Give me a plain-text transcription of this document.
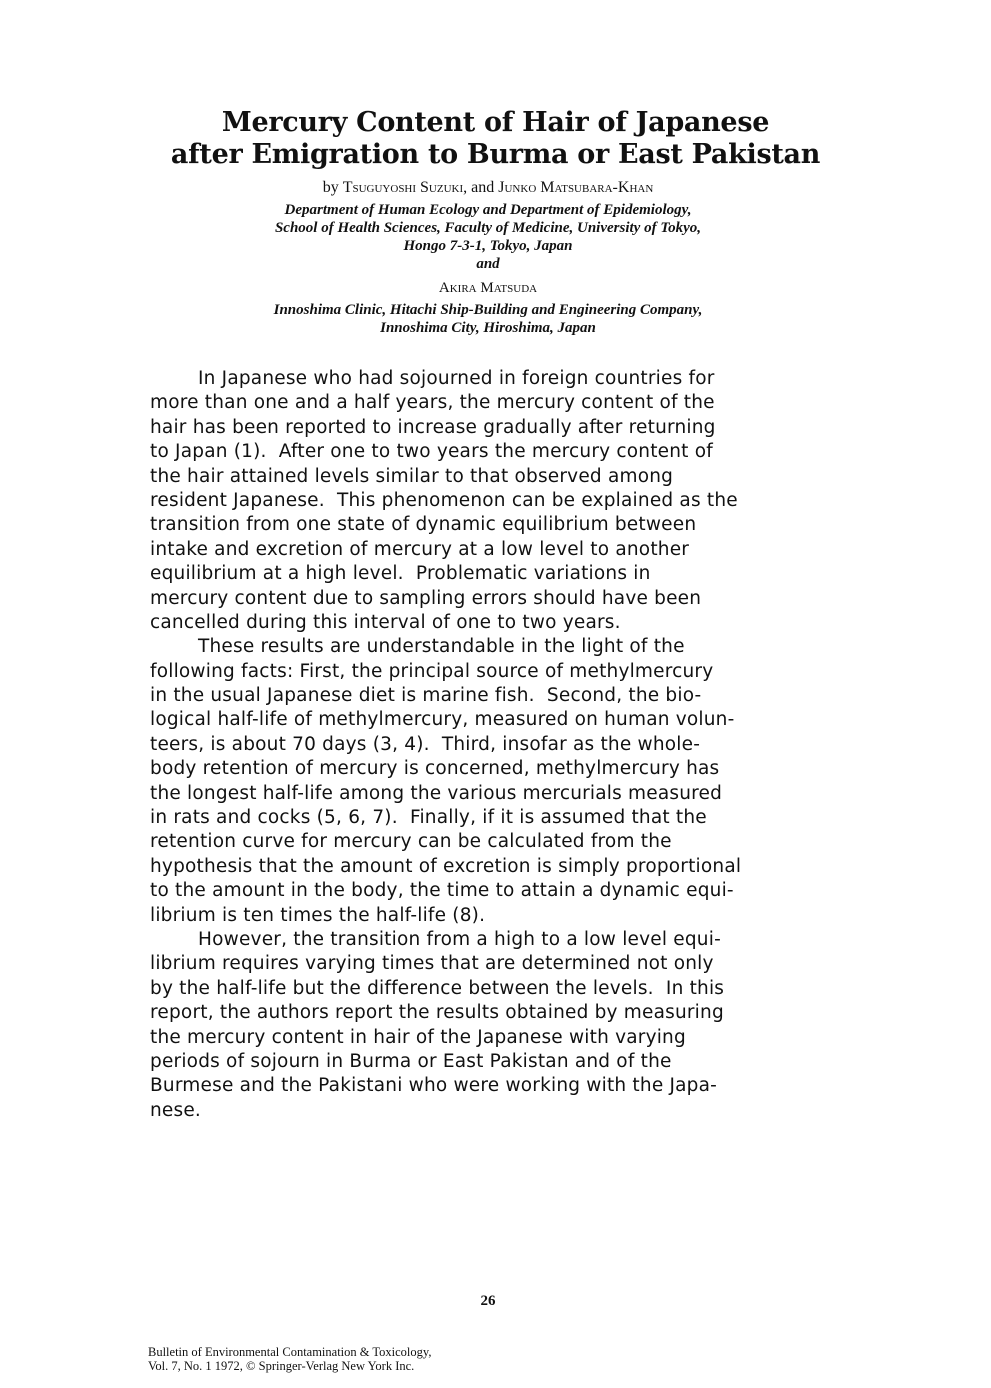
Mercury Content of Hair of Japanese
after Emigration to Burma or East Pakistan
by Tsuguyoshi Suzuki, and Junko Matsubara-Khan
Department of Human Ecology and Department of Epidemiology,
School of Health Sciences, Faculty of Medicine, University of Tokyo,
Hongo 7-3-1, Tokyo, Japan
and
Akira Matsuda
Innoshima Clinic, Hitachi Ship-Building and Engineering Company,
Innoshima City, Hiroshima, Japan
In Japanese who had sojourned in foreign countries for
more than one and a half years, the mercury content of the
hair has been reported to increase gradually after returning
to Japan (1).  After one to two years the mercury content of
the hair attained levels similar to that observed among
resident Japanese.  This phenomenon can be explained as the
transition from one state of dynamic equilibrium between
intake and excretion of mercury at a low level to another
equilibrium at a high level.  Problematic variations in
mercury content due to sampling errors should have been
cancelled during this interval of one to two years.
These results are understandable in the light of the
following facts: First, the principal source of methylmercury
in the usual Japanese diet is marine fish.  Second, the bio-
logical half-life of methylmercury, measured on human volun-
teers, is about 70 days (3, 4).  Third, insofar as the whole-
body retention of mercury is concerned, methylmercury has
the longest half-life among the various mercurials measured
in rats and cocks (5, 6, 7).  Finally, if it is assumed that the
retention curve for mercury can be calculated from the
hypothesis that the amount of excretion is simply proportional
to the amount in the body, the time to attain a dynamic equi-
librium is ten times the half-life (8).
However, the transition from a high to a low level equi-
librium requires varying times that are determined not only
by the half-life but the difference between the levels.  In this
report, the authors report the results obtained by measuring
the mercury content in hair of the Japanese with varying
periods of sojourn in Burma or East Pakistan and of the
Burmese and the Pakistani who were working with the Japa-
nese.
26
Bulletin of Environmental Contamination & Toxicology,
Vol. 7, No. 1 1972, © Springer-Verlag New York Inc.
